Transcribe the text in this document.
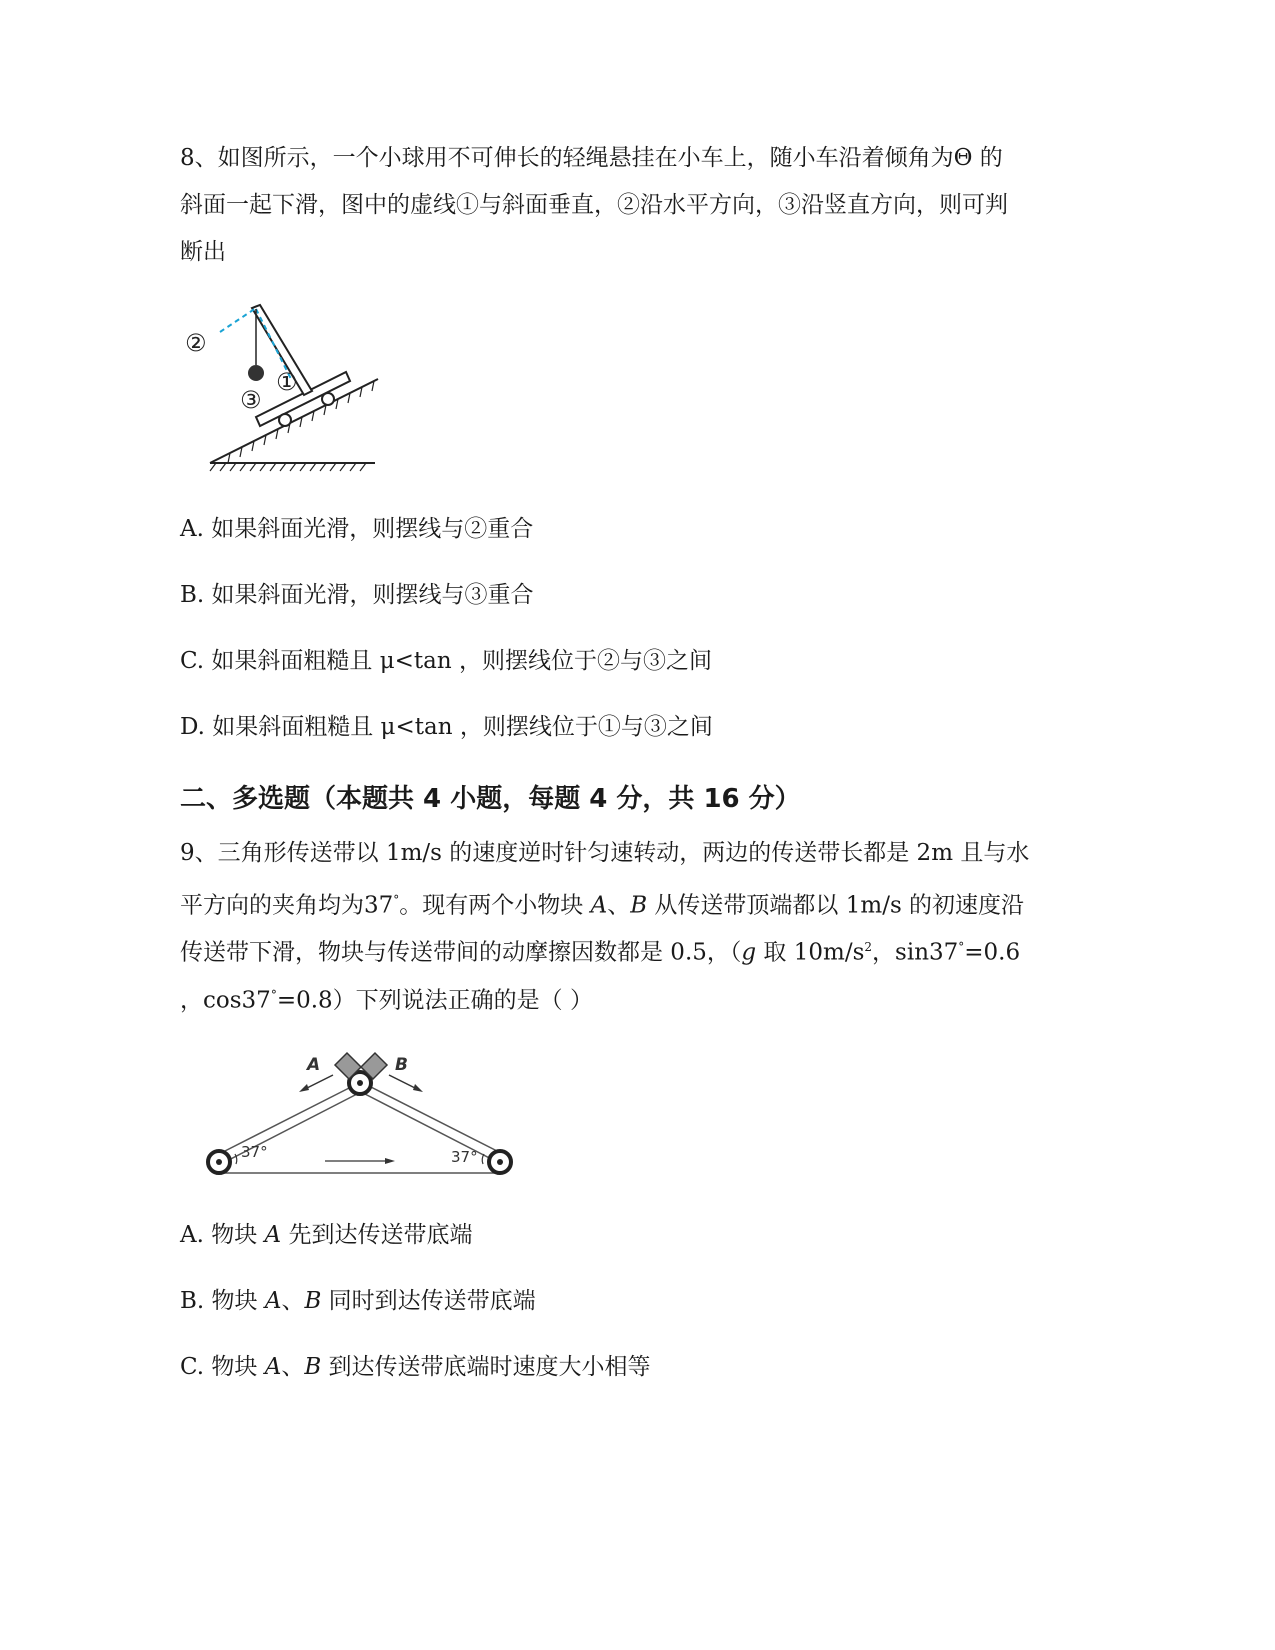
8、如图所示，一个小球用不可伸长的轻绳悬挂在小车上，随小车沿着倾角为Θ 的
斜面一起下滑，图中的虚线①与斜面垂直，②沿水平方向，③沿竖直方向，则可判
断出
②
①
③
A. 如果斜面光滑，则摆线与②重合
B. 如果斜面光滑，则摆线与③重合
C. 如果斜面粗糙且 μ<tan ，则摆线位于②与③之间
D. 如果斜面粗糙且 μ<tan ，则摆线位于①与③之间
二、多选题（本题共 4 小题，每题 4 分，共 16 分）
9、三角形传送带以 1m/s 的速度逆时针匀速转动，两边的传送带长都是 2m 且与水
平方向的夹角均为37°。现有两个小物块 A、B 从传送带顶端都以 1m/s 的初速度沿
传送带下滑，物块与传送带间的动摩擦因数都是 0.5，（g 取 $10m/s^2$，sin37°=0.6
，cos37°=0.8）下列说法正确的是（ ）
A	B
37°	37°
A. 物块 A 先到达传送带底端
B. 物块 A、B 同时到达传送带底端
C. 物块 A、B 到达传送带底端时速度大小相等
